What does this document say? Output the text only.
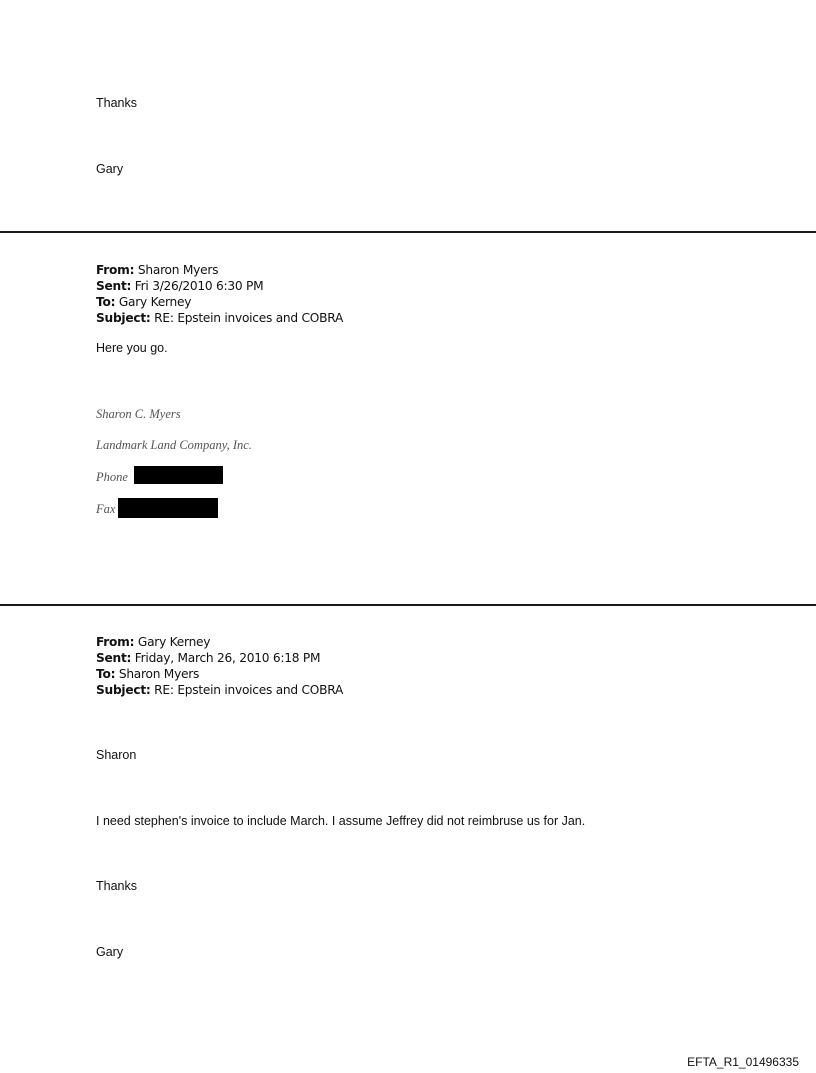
Thanks
Gary
From: Sharon Myers
Sent: Fri 3/26/2010 6:30 PM
To: Gary Kerney
Subject: RE: Epstein invoices and COBRA
Here you go.
Sharon C. Myers
Landmark Land Company, Inc.
Phone
Fax
From: Gary Kerney
Sent: Friday, March 26, 2010 6:18 PM
To: Sharon Myers
Subject: RE: Epstein invoices and COBRA
Sharon
I need stephen's invoice to include March. I assume Jeffrey did not reimbruse us for Jan.
Thanks
Gary
EFTA_R1_01496335
